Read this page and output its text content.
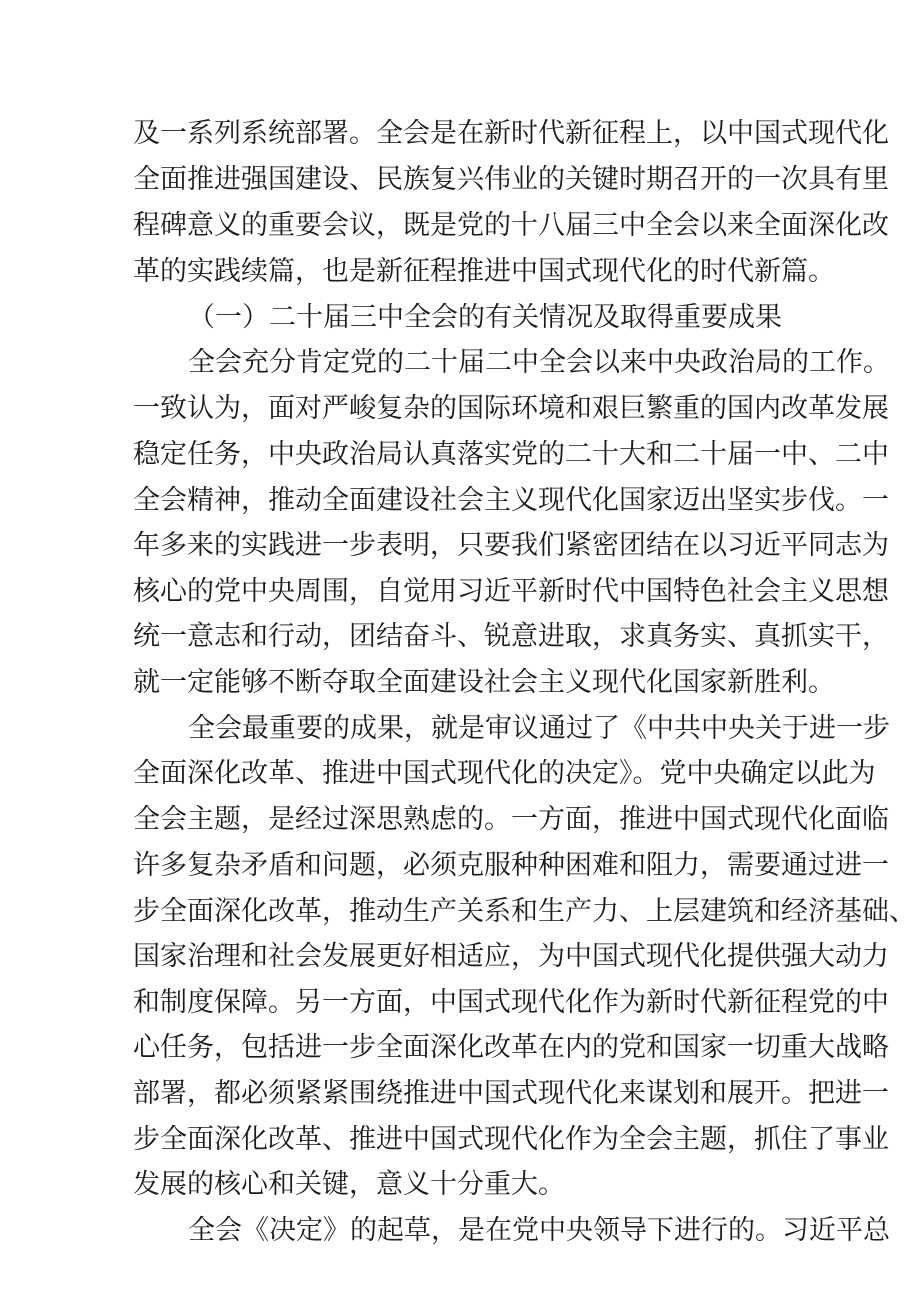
及一系列系统部署。全会是在新时代新征程上，以中国式现代化
全面推进强国建设、民族复兴伟业的关键时期召开的一次具有里
程碑意义的重要会议，既是党的十八届三中全会以来全面深化改
革的实践续篇，也是新征程推进中国式现代化的时代新篇。
（一）二十届三中全会的有关情况及取得重要成果
全会充分肯定党的二十届二中全会以来中央政治局的工作。
一致认为，面对严峻复杂的国际环境和艰巨繁重的国内改革发展
稳定任务，中央政治局认真落实党的二十大和二十届一中、二中
全会精神，推动全面建设社会主义现代化国家迈出坚实步伐。一
年多来的实践进一步表明，只要我们紧密团结在以习近平同志为
核心的党中央周围，自觉用习近平新时代中国特色社会主义思想
统一意志和行动，团结奋斗、锐意进取，求真务实、真抓实干，
就一定能够不断夺取全面建设社会主义现代化国家新胜利。
全会最重要的成果，就是审议通过了《中共中央关于进一步
全面深化改革、推进中国式现代化的决定》。党中央确定以此为
全会主题，是经过深思熟虑的。一方面，推进中国式现代化面临
许多复杂矛盾和问题，必须克服种种困难和阻力，需要通过进一
步全面深化改革，推动生产关系和生产力、上层建筑和经济基础、
国家治理和社会发展更好相适应，为中国式现代化提供强大动力
和制度保障。另一方面，中国式现代化作为新时代新征程党的中
心任务，包括进一步全面深化改革在内的党和国家一切重大战略
部署，都必须紧紧围绕推进中国式现代化来谋划和展开。把进一
步全面深化改革、推进中国式现代化作为全会主题，抓住了事业
发展的核心和关键，意义十分重大。
全会《决定》的起草，是在党中央领导下进行的。习近平总
